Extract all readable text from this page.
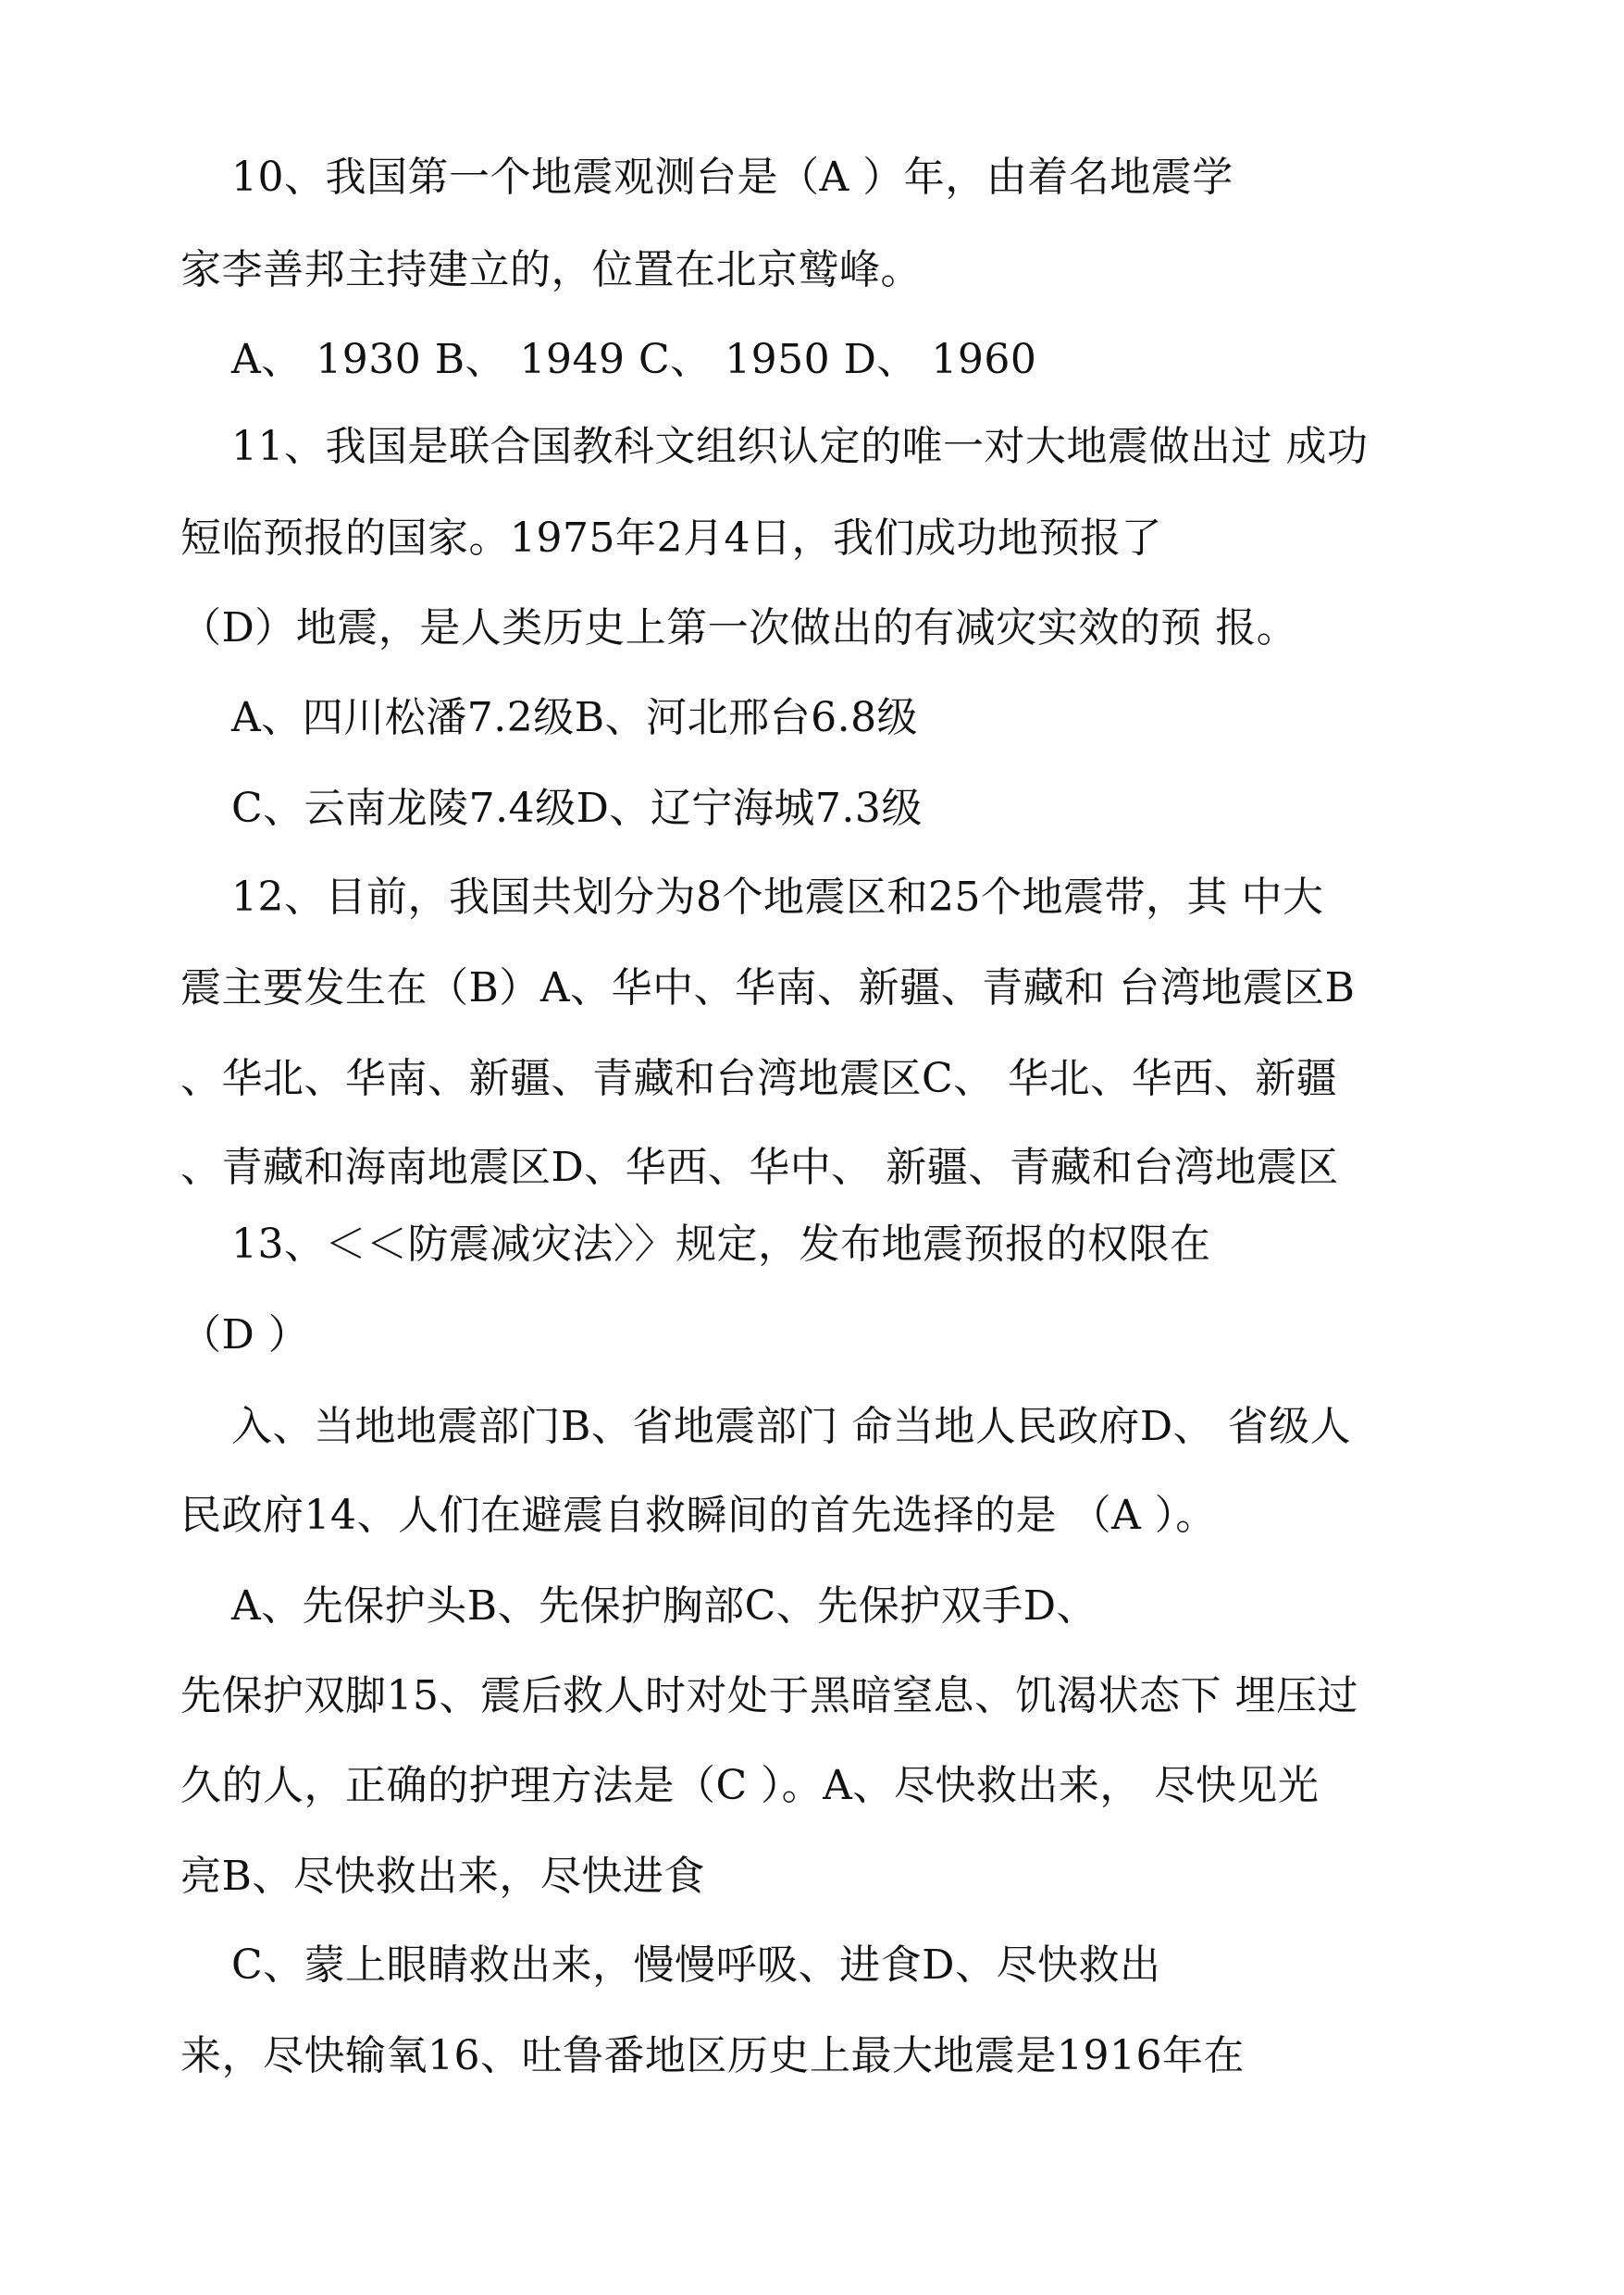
10、我国第一个地震观测台是（A ）年，由着名地震学
家李善邦主持建立的，位置在北京鹫峰。
A、 1930 B、 1949 C、 1950 D、 1960
11、我国是联合国教科文组织认定的唯一对大地震做出过 成功
短临预报的国家。1975年2月4日，我们成功地预报了
（D）地震，是人类历史上第一次做出的有减灾实效的预 报。
A、四川松潘7.2级B、河北邢台6.8级
C、云南龙陵7.4级D、辽宁海城7.3级
12、目前，我国共划分为8个地震区和25个地震带，其 中大
震主要发生在（B）A、华中、华南、新疆、青藏和 台湾地震区B
、华北、华南、新疆、青藏和台湾地震区C、 华北、华西、新疆
、青藏和海南地震区D、华西、华中、 新疆、青藏和台湾地震区
13、＜＜防震减灾法〉〉规定，发布地震预报的权限在
（D ）
入、当地地震部门B、省地震部门 命当地人民政府D、 省级人
民政府14、人们在避震自救瞬间的首先选择的是 （A ）。
A、先保护头B、先保护胸部C、先保护双手D、
先保护双脚15、震后救人时对处于黑暗窒息、饥渴状态下 埋压过
久的人，正确的护理方法是（C ）。A、尽快救出来， 尽快见光
亮B、尽快救出来，尽快进食
C、蒙上眼睛救出来，慢慢呼吸、进食D、尽快救出
来，尽快输氧16、吐鲁番地区历史上最大地震是1916年在
